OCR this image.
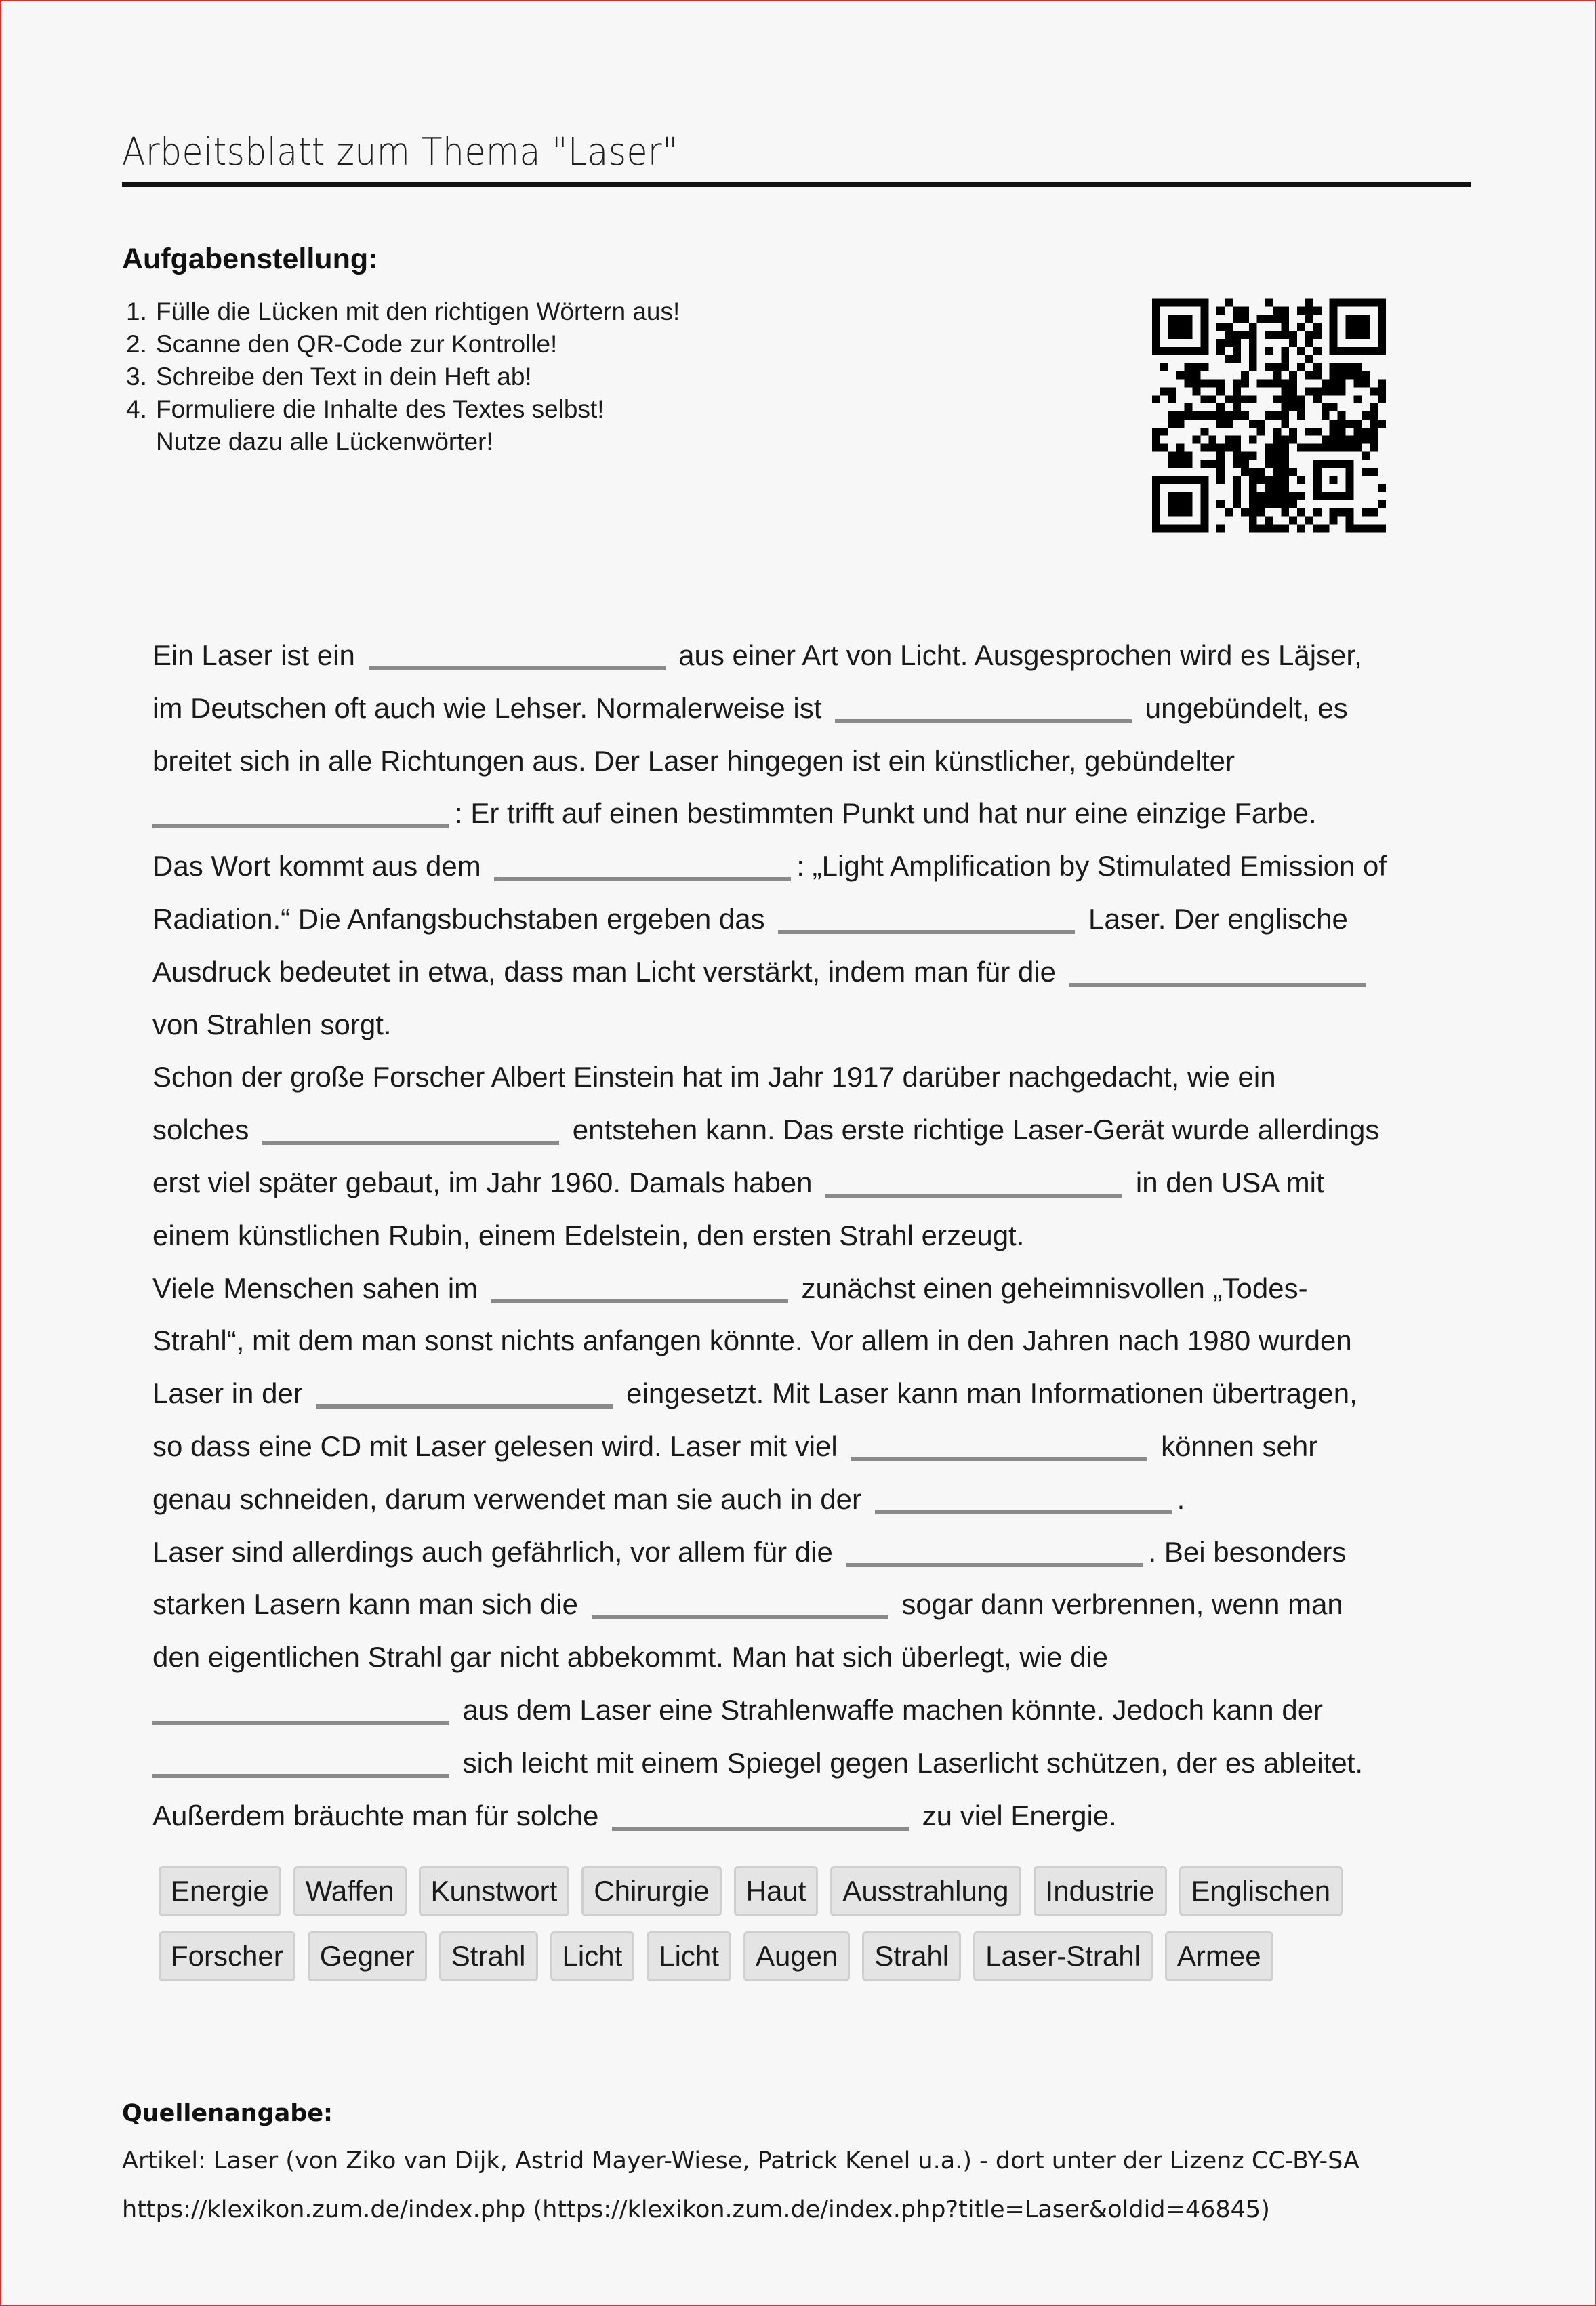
Arbeitsblatt zum Thema "Laser"
Aufgabenstellung:
1. Fülle die Lücken mit den richtigen Wörtern aus!
2. Scanne den QR-Code zur Kontrolle!
3. Schreibe den Text in dein Heft ab!
4. Formuliere die Inhalte des Textes selbst!
Nutze dazu alle Lückenwörter!
Ein Laser ist ein	aus einer Art von Licht. Ausgesprochen wird es Läjser,
im Deutschen oft auch wie Lehser. Normalerweise ist	ungebündelt, es
breitet sich in alle Richtungen aus. Der Laser hingegen ist ein künstlicher, gebündelter
: Er trifft auf einen bestimmten Punkt und hat nur eine einzige Farbe.
Das Wort kommt aus dem	: „Light Amplification by Stimulated Emission of
Radiation.“ Die Anfangsbuchstaben ergeben das	Laser. Der englische
Ausdruck bedeutet in etwa, dass man Licht verstärkt, indem man für die
von Strahlen sorgt.
Schon der große Forscher Albert Einstein hat im Jahr 1917 darüber nachgedacht, wie ein
solches	entstehen kann. Das erste richtige Laser-Gerät wurde allerdings
erst viel später gebaut, im Jahr 1960. Damals haben	in den USA mit
einem künstlichen Rubin, einem Edelstein, den ersten Strahl erzeugt.
Viele Menschen sahen im	zunächst einen geheimnisvollen „Todes-
Strahl“, mit dem man sonst nichts anfangen könnte. Vor allem in den Jahren nach 1980 wurden
Laser in der	eingesetzt. Mit Laser kann man Informationen übertragen,
so dass eine CD mit Laser gelesen wird. Laser mit viel	können sehr
genau schneiden, darum verwendet man sie auch in der	.
Laser sind allerdings auch gefährlich, vor allem für die	. Bei besonders
starken Lasern kann man sich die	sogar dann verbrennen, wenn man
den eigentlichen Strahl gar nicht abbekommt. Man hat sich überlegt, wie die
aus dem Laser eine Strahlenwaffe machen könnte. Jedoch kann der
sich leicht mit einem Spiegel gegen Laserlicht schützen, der es ableitet.
Außerdem bräuchte man für solche	zu viel Energie.
Energie	Waffen	Kunstwort	Chirurgie	Haut	Ausstrahlung	Industrie	Englischen
Forscher	Gegner	Strahl	Licht	Licht	Augen	Strahl	Laser-Strahl	Armee
Quellenangabe:
Artikel: Laser (von Ziko van Dijk, Astrid Mayer-Wiese, Patrick Kenel u.a.) - dort unter der Lizenz CC-BY-SA
https://klexikon.zum.de/index.php (https://klexikon.zum.de/index.php?title=Laser&oldid=46845)
